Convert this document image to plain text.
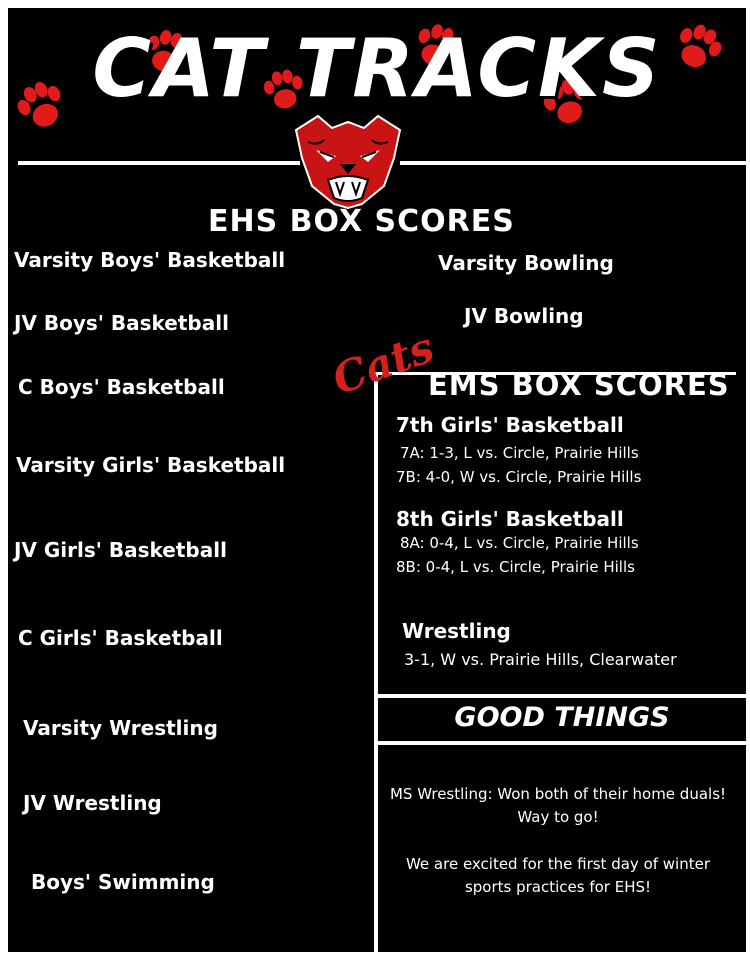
CAT TRACKS
EHS BOX SCORES
Varsity Boys' Basketball
JV Boys' Basketball
C Boys' Basketball
Varsity Girls' Basketball
JV Girls' Basketball
C Girls' Basketball
Varsity Wrestling
JV Wrestling
Boys' Swimming
Varsity Bowling
JV Bowling
Cats
EMS BOX SCORES
7th Girls' Basketball
7A: 1-3, L vs. Circle, Prairie Hills
7B: 4-0, W vs. Circle, Prairie Hills
8th Girls' Basketball
8A: 0-4, L vs. Circle, Prairie Hills
8B: 0-4, L vs. Circle, Prairie Hills
Wrestling
3-1, W vs. Prairie Hills, Clearwater
GOOD THINGS
MS Wrestling: Won both of their home duals! Way to go!
We are excited for the first day of winter sports practices for EHS!
